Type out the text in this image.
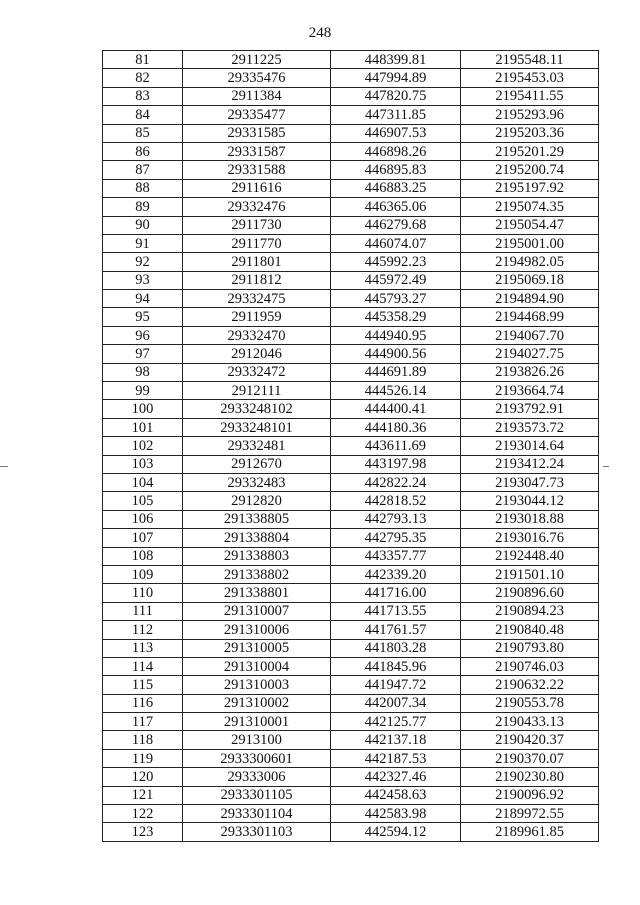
248
81	2911225	448399.81	2195548.11
82	29335476	447994.89	2195453.03
83	2911384	447820.75	2195411.55
84	29335477	447311.85	2195293.96
85	29331585	446907.53	2195203.36
86	29331587	446898.26	2195201.29
87	29331588	446895.83	2195200.74
88	2911616	446883.25	2195197.92
89	29332476	446365.06	2195074.35
90	2911730	446279.68	2195054.47
91	2911770	446074.07	2195001.00
92	2911801	445992.23	2194982.05
93	2911812	445972.49	2195069.18
94	29332475	445793.27	2194894.90
95	2911959	445358.29	2194468.99
96	29332470	444940.95	2194067.70
97	2912046	444900.56	2194027.75
98	29332472	444691.89	2193826.26
99	2912111	444526.14	2193664.74
100	2933248102	444400.41	2193792.91
101	2933248101	444180.36	2193573.72
102	29332481	443611.69	2193014.64
103	2912670	443197.98	2193412.24
104	29332483	442822.24	2193047.73
105	2912820	442818.52	2193044.12
106	291338805	442793.13	2193018.88
107	291338804	442795.35	2193016.76
108	291338803	443357.77	2192448.40
109	291338802	442339.20	2191501.10
110	291338801	441716.00	2190896.60
111	291310007	441713.55	2190894.23
112	291310006	441761.57	2190840.48
113	291310005	441803.28	2190793.80
114	291310004	441845.96	2190746.03
115	291310003	441947.72	2190632.22
116	291310002	442007.34	2190553.78
117	291310001	442125.77	2190433.13
118	2913100	442137.18	2190420.37
119	2933300601	442187.53	2190370.07
120	29333006	442327.46	2190230.80
121	2933301105	442458.63	2190096.92
122	2933301104	442583.98	2189972.55
123	2933301103	442594.12	2189961.85
